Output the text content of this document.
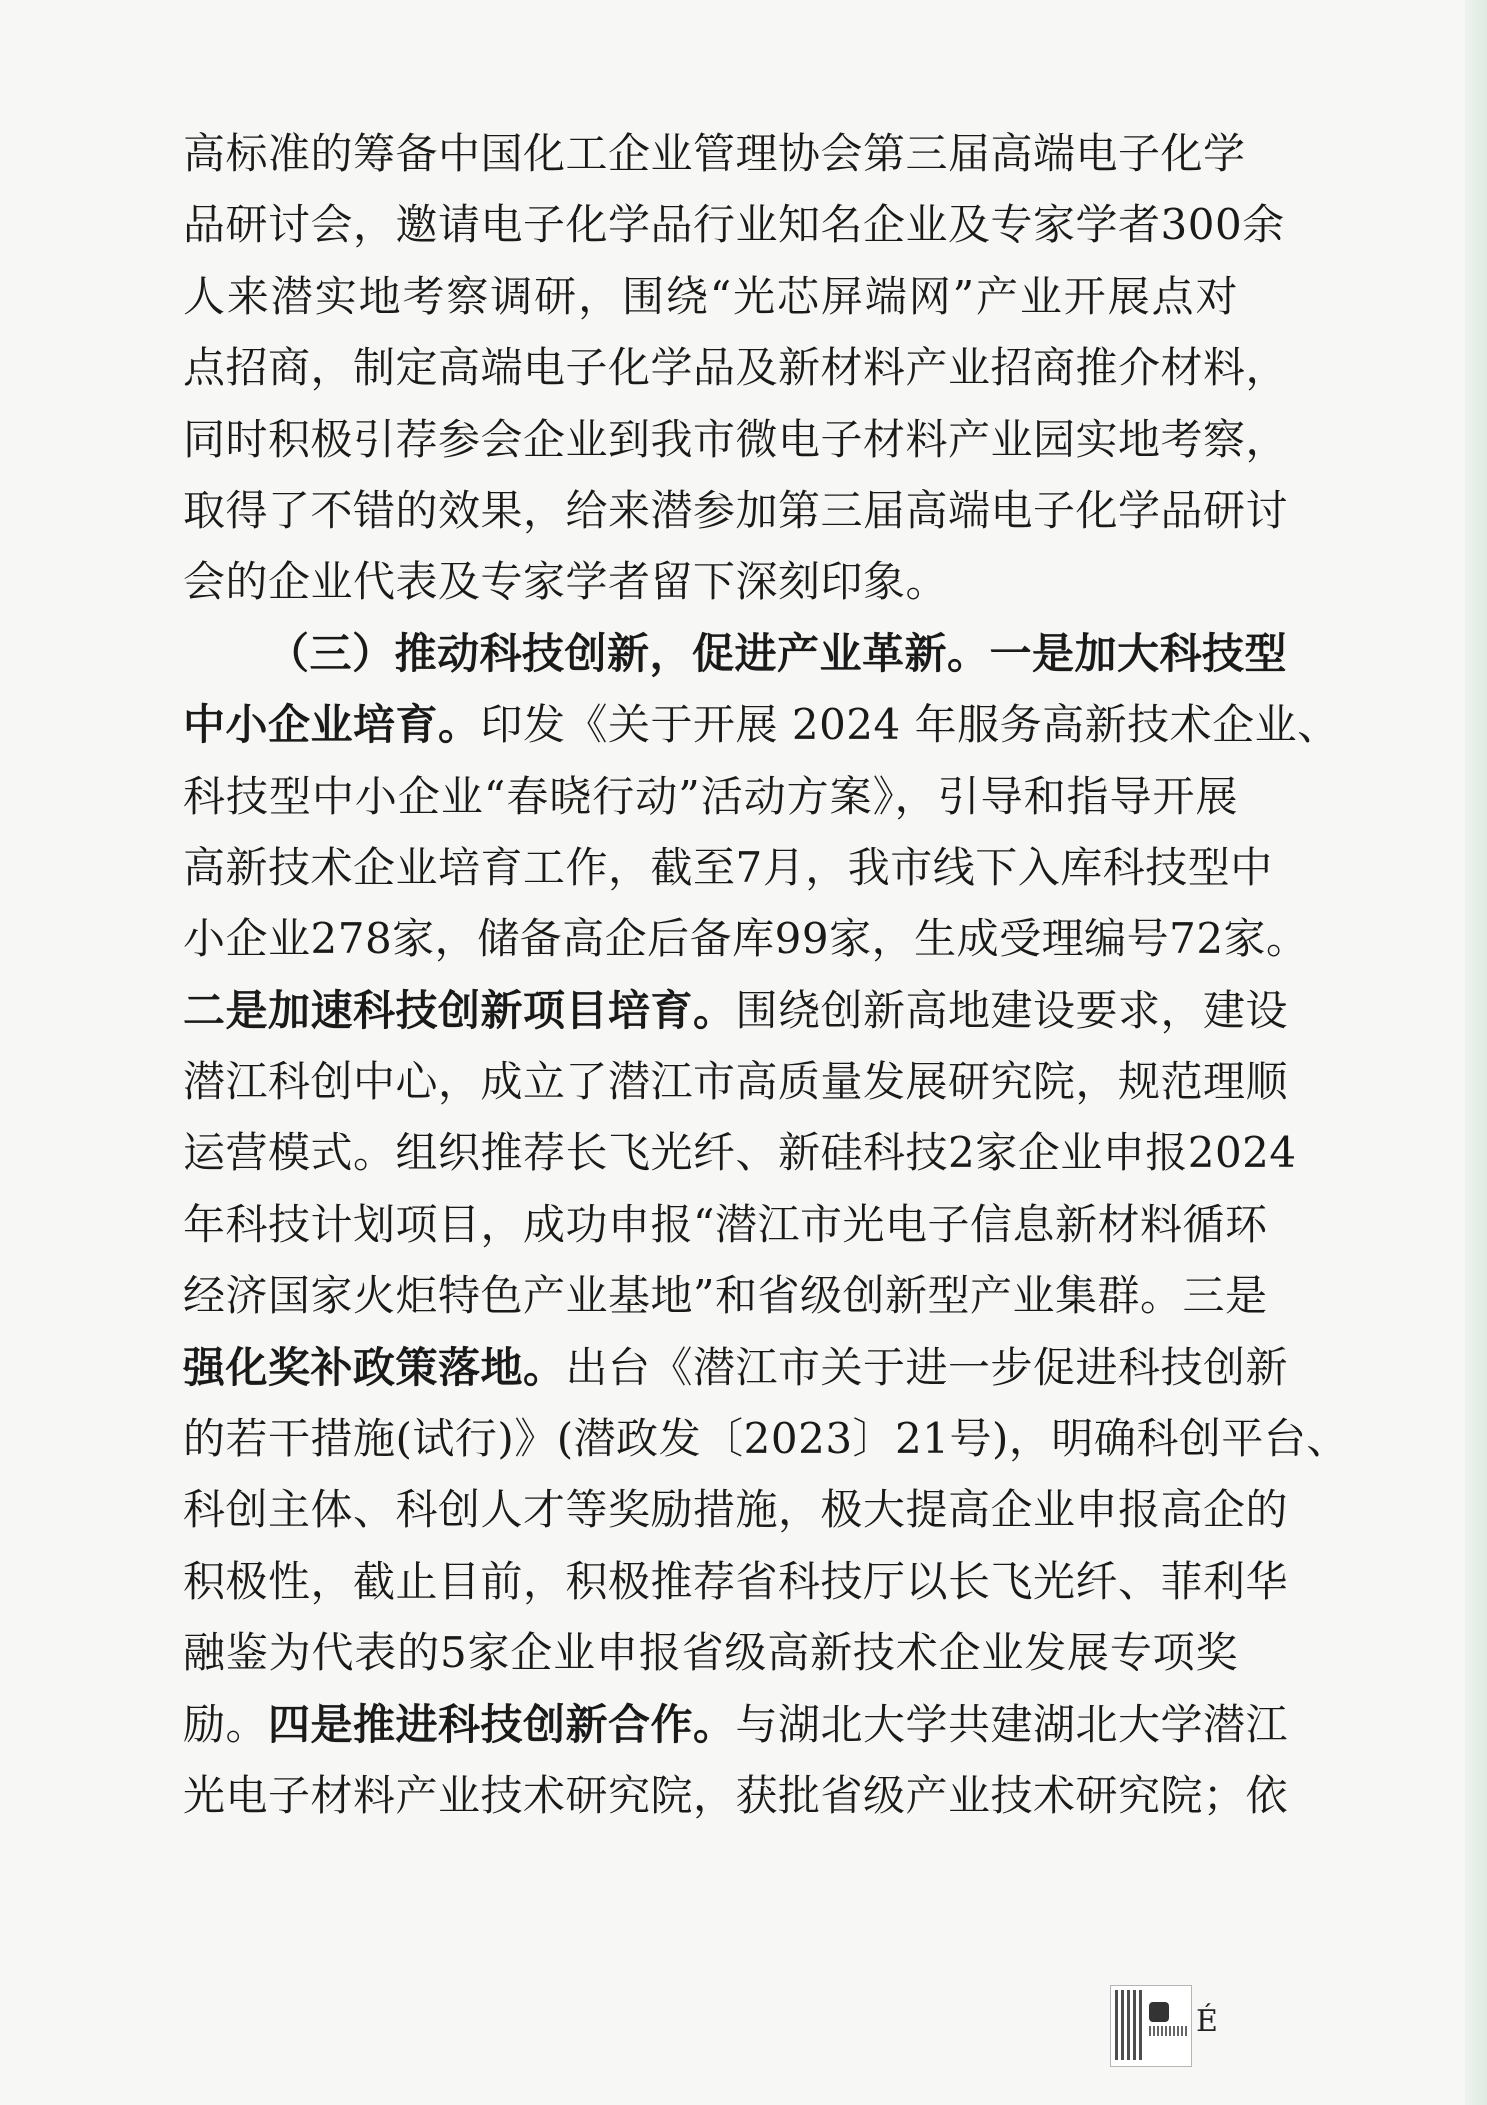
高标准的筹备中国化工企业管理协会第三届高端电子化学
品研讨会，邀请电子化学品行业知名企业及专家学者300余
人来潜实地考察调研，围绕“光芯屏端网”产业开展点对
点招商，制定高端电子化学品及新材料产业招商推介材料，
同时积极引荐参会企业到我市微电子材料产业园实地考察，
取得了不错的效果，给来潜参加第三届高端电子化学品研讨
会的企业代表及专家学者留下深刻印象。
（三）推动科技创新，促进产业革新。一是加大科技型
中小企业培育。印发《关于开展 2024 年服务高新技术企业、
科技型中小企业“春晓行动”活动方案》，引导和指导开展
高新技术企业培育工作，截至7月，我市线下入库科技型中
小企业278家，储备高企后备库99家，生成受理编号72家。
二是加速科技创新项目培育。围绕创新高地建设要求，建设
潜江科创中心，成立了潜江市高质量发展研究院，规范理顺
运营模式。组织推荐长飞光纤、新硅科技2家企业申报2024
年科技计划项目，成功申报“潜江市光电子信息新材料循环
经济国家火炬特色产业基地”和省级创新型产业集群。三是
强化奖补政策落地。出台《潜江市关于进一步促进科技创新
的若干措施(试行)》(潜政发〔2023〕21号)，明确科创平台、
科创主体、科创人才等奖励措施，极大提高企业申报高企的
积极性，截止目前，积极推荐省科技厅以长飞光纤、菲利华
融鉴为代表的5家企业申报省级高新技术企业发展专项奖
励。四是推进科技创新合作。与湖北大学共建湖北大学潜江
光电子材料产业技术研究院，获批省级产业技术研究院；依
É
